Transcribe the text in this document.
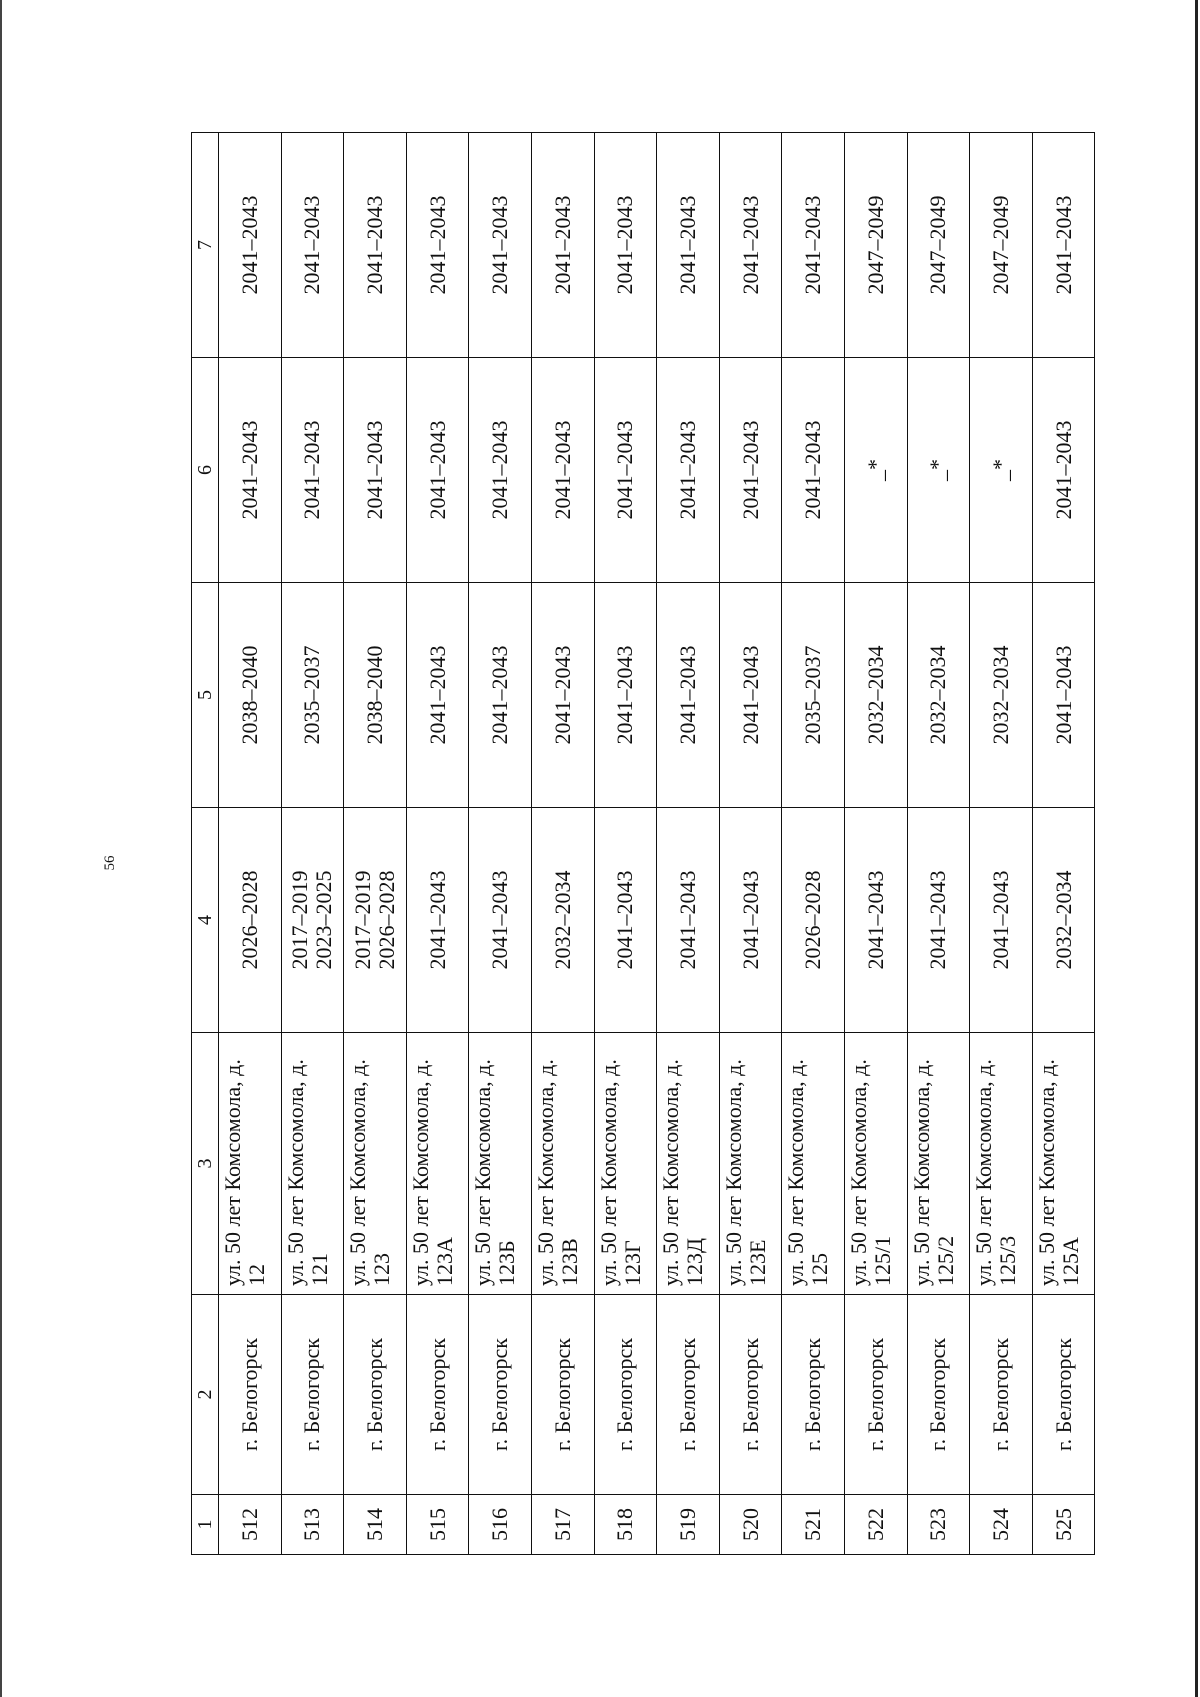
56
1	2	3	4	5	6	7
512	г. Белогорск	ул. 50 лет Комсомола, д. 12	2026–2028	2038–2040	2041–2043	2041–2043
513	г. Белогорск	ул. 50 лет Комсомола, д. 121	2017–2019 2023–2025	2035–2037	2041–2043	2041–2043
514	г. Белогорск	ул. 50 лет Комсомола, д. 123	2017–2019 2026–2028	2038–2040	2041–2043	2041–2043
515	г. Белогорск	ул. 50 лет Комсомола, д. 123А	2041–2043	2041–2043	2041–2043	2041–2043
516	г. Белогорск	ул. 50 лет Комсомола, д. 123Б	2041–2043	2041–2043	2041–2043	2041–2043
517	г. Белогорск	ул. 50 лет Комсомола, д. 123В	2032–2034	2041–2043	2041–2043	2041–2043
518	г. Белогорск	ул. 50 лет Комсомола, д. 123Г	2041–2043	2041–2043	2041–2043	2041–2043
519	г. Белогорск	ул. 50 лет Комсомола, д. 123Д	2041–2043	2041–2043	2041–2043	2041–2043
520	г. Белогорск	ул. 50 лет Комсомола, д. 123Е	2041–2043	2041–2043	2041–2043	2041–2043
521	г. Белогорск	ул. 50 лет Комсомола, д. 125	2026–2028	2035–2037	2041–2043	2041–2043
522	г. Белогорск	ул. 50 лет Комсомола, д. 125/1	2041–2043	2032–2034	_*	2047–2049
523	г. Белогорск	ул. 50 лет Комсомола, д. 125/2	2041–2043	2032–2034	_*	2047–2049
524	г. Белогорск	ул. 50 лет Комсомола, д. 125/3	2041–2043	2032–2034	_*	2047–2049
525	г. Белогорск	ул. 50 лет Комсомола, д. 125А	2032–2034	2041–2043	2041–2043	2041–2043
